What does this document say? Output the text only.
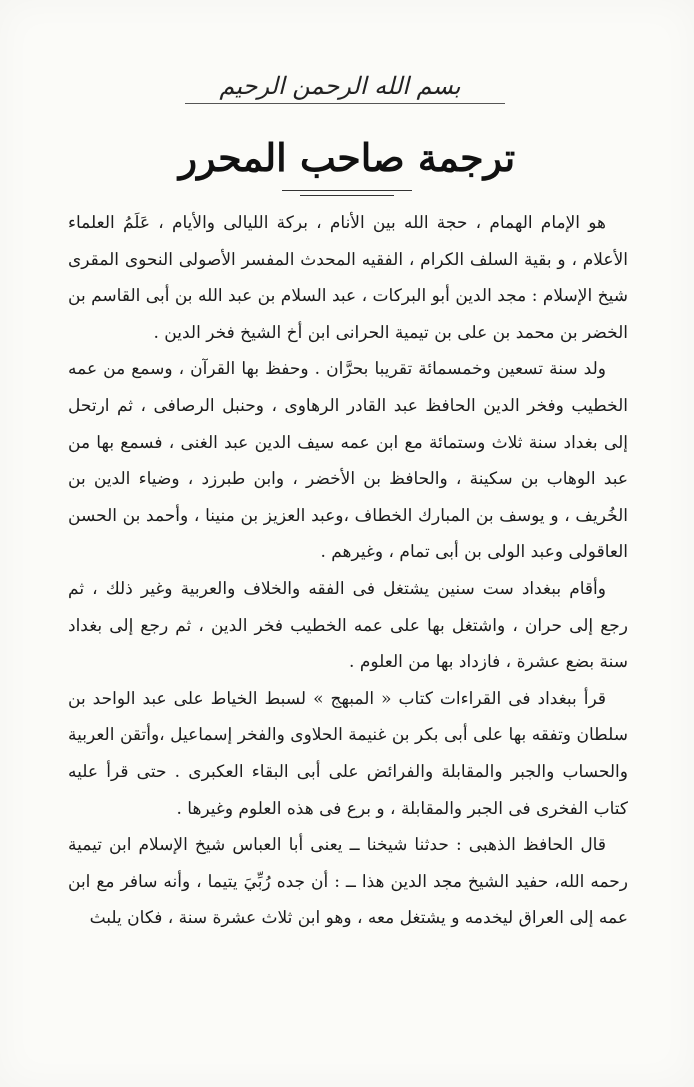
بسم الله الرحمن الرحيم
ترجمة صاحب المحرر

هو الإمام الهمام ، حجة الله بين الأنام ، بركة الليالى والأيام ، عَلَمُ العلماء الأعلام ، و بقية السلف الكرام ، الفقيه المحدث المفسر الأصولى النحوى المقرى شيخ الإسلام : مجد الدين أبو البركات ، عبد السلام بن عبد الله بن أبى القاسم بن الخضر بن محمد بن على بن تيمية الحرانى ابن أخ الشيخ فخر الدين .

ولد سنة تسعين وخمسمائة تقريبا بحرَّان . وحفظ بها القرآن ، وسمع من عمه الخطيب وفخر الدين الحافظ عبد القادر الرهاوى ، وحنبل الرصافى ، ثم ارتحل إلى بغداد سنة ثلاث وستمائة مع ابن عمه سيف الدين عبد الغنى ، فسمع بها من عبد الوهاب بن سكينة ، والحافظ بن الأخضر ، وابن طبرزد ، وضياء الدين بن الخُريف ، و يوسف بن المبارك الخطاف ،وعبد العزيز بن منينا ، وأحمد بن الحسن العاقولى وعبد الولى بن أبى تمام ، وغيرهم .

وأقام ببغداد ست سنين يشتغل فى الفقه والخلاف والعربية وغير ذلك ، ثم رجع إلى حران ، واشتغل بها على عمه الخطيب فخر الدين ، ثم رجع إلى بغداد سنة بضع عشرة ، فازداد بها من العلوم .

قرأ ببغداد فى القراءات كتاب « المبهج » لسبط الخياط على عبد الواحد بن سلطان وتفقه بها على أبى بكر بن غنيمة الحلاوى والفخر إسماعيل ،وأتقن العربية والحساب والجبر والمقابلة والفرائض على أبى البقاء العكبرى . حتى قرأ عليه كتاب الفخرى فى الجبر والمقابلة ، و برع فى هذه العلوم وغيرها .

قال الحافظ الذهبى : حدثنا شيخنا ــ يعنى أبا العباس شيخ الإسلام ابن تيمية رحمه الله، حفيد الشيخ مجد الدين هذا ــ : أن جده رُبِّيَ يتيما ، وأنه سافر مع ابن عمه إلى العراق ليخدمه و يشتغل معه ، وهو ابن ثلاث عشرة سنة ، فكان يلبث
